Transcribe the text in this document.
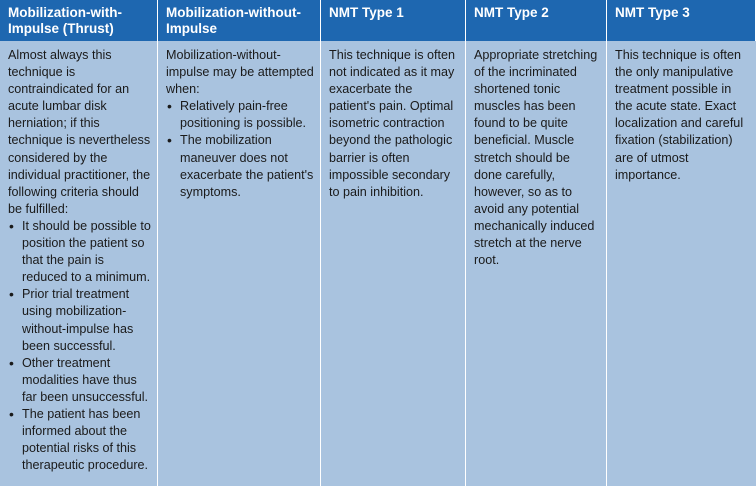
Mobilization-with-Impulse (Thrust)
Mobilization-without-Impulse
NMT Type 1	NMT Type 2	NMT Type 3

Almost always this technique is contraindicated for an acute lumbar disk herniation; if this technique is nevertheless considered by the individual practitioner, the following criteria should be fulfilled:

• It should be possible to position the patient so that the pain is reduced to a minimum.
• Prior trial treatment using mobilization-without-impulse has been successful.
• Other treatment modalities have thus far been unsuccessful.
• The patient has been informed about the potential risks of this therapeutic procedure.

Mobilization-without-impulse may be attempted when:

• Relatively pain-free positioning is possible.
• The mobilization maneuver does not exacerbate the patient's symptoms.
This technique is often not indicated as it may exacerbate the patient's pain. Optimal isometric contraction beyond the pathologic barrier is often impossible secondary to pain inhibition.
Appropriate stretching of the incriminated shortened tonic muscles has been found to be quite beneficial. Muscle stretch should be done carefully, however, so as to avoid any potential mechanically induced stretch at the nerve root.
This technique is often the only manipulative treatment possible in the acute state. Exact localization and careful fixation (stabilization) are of utmost importance.
